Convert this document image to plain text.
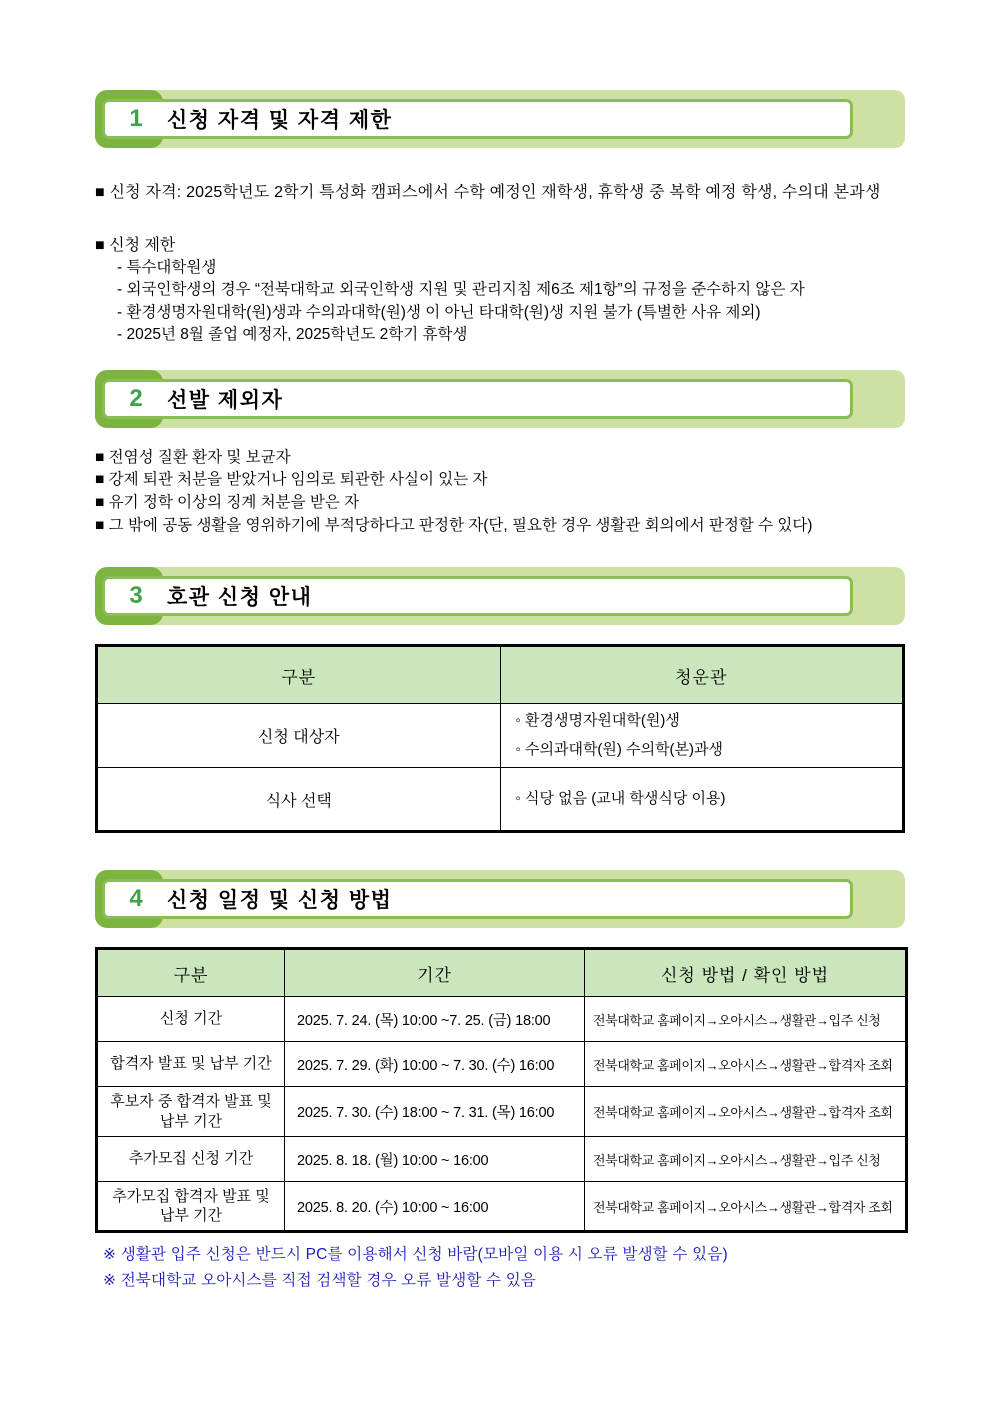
1	신청 자격 및 자격 제한
■ 신청 자격: 2025학년도 2학기 특성화 캠퍼스에서 수학 예정인 재학생, 휴학생 중 복학 예정 학생, 수의대 본과생
■ 신청 제한
- 특수대학원생
- 외국인학생의 경우 “전북대학교 외국인학생 지원 및 관리지침 제6조 제1항”의 규정을 준수하지 않은 자
- 환경생명자원대학(원)생과 수의과대학(원)생 이 아닌 타대학(원)생 지원 불가 (특별한 사유 제외)
- 2025년 8월 졸업 예정자, 2025학년도 2학기 휴학생
2	선발 제외자
■ 전염성 질환 환자 및 보균자
■ 강제 퇴관 처분을 받았거나 임의로 퇴관한 사실이 있는 자
■ 유기 정학 이상의 징계 처분을 받은 자
■ 그 밖에 공동 생활을 영위하기에 부적당하다고 판정한 자(단, 필요한 경우 생활관 회의에서 판정할 수 있다)
3	호관 신청 안내
구분	청운관
신청 대상자	◦ 환경생명자원대학(원)생
◦ 수의과대학(원) 수의학(본)과생

식사 선택	◦ 식당 없음 (교내 학생식당 이용)
4	신청 일정 및 신청 방법
구분	기간	신청 방법 / 확인 방법
신청 기간	2025. 7. 24. (목) 10:00 ~7. 25. (금) 18:00	전북대학교 홈페이지→오아시스→생활관→입주 신청
합격자 발표 및 납부 기간	2025. 7. 29. (화) 10:00 ~ 7. 30. (수) 16:00	전북대학교 홈페이지→오아시스→생활관→합격자 조회
후보자 중 합격자 발표 및 납부 기간	2025. 7. 30. (수) 18:00 ~ 7. 31. (목) 16:00	전북대학교 홈페이지→오아시스→생활관→합격자 조회
추가모집 신청 기간	2025. 8. 18. (월) 10:00 ~ 16:00	전북대학교 홈페이지→오아시스→생활관→입주 신청
추가모집 합격자 발표 및 납부 기간	2025. 8. 20. (수) 10:00 ~ 16:00	전북대학교 홈페이지→오아시스→생활관→합격자 조회
※ 생활관 입주 신청은 반드시 PC를 이용해서 신청 바람(모바일 이용 시 오류 발생할 수 있음)
※ 전북대학교 오아시스를 직접 검색할 경우 오류 발생할 수 있음
